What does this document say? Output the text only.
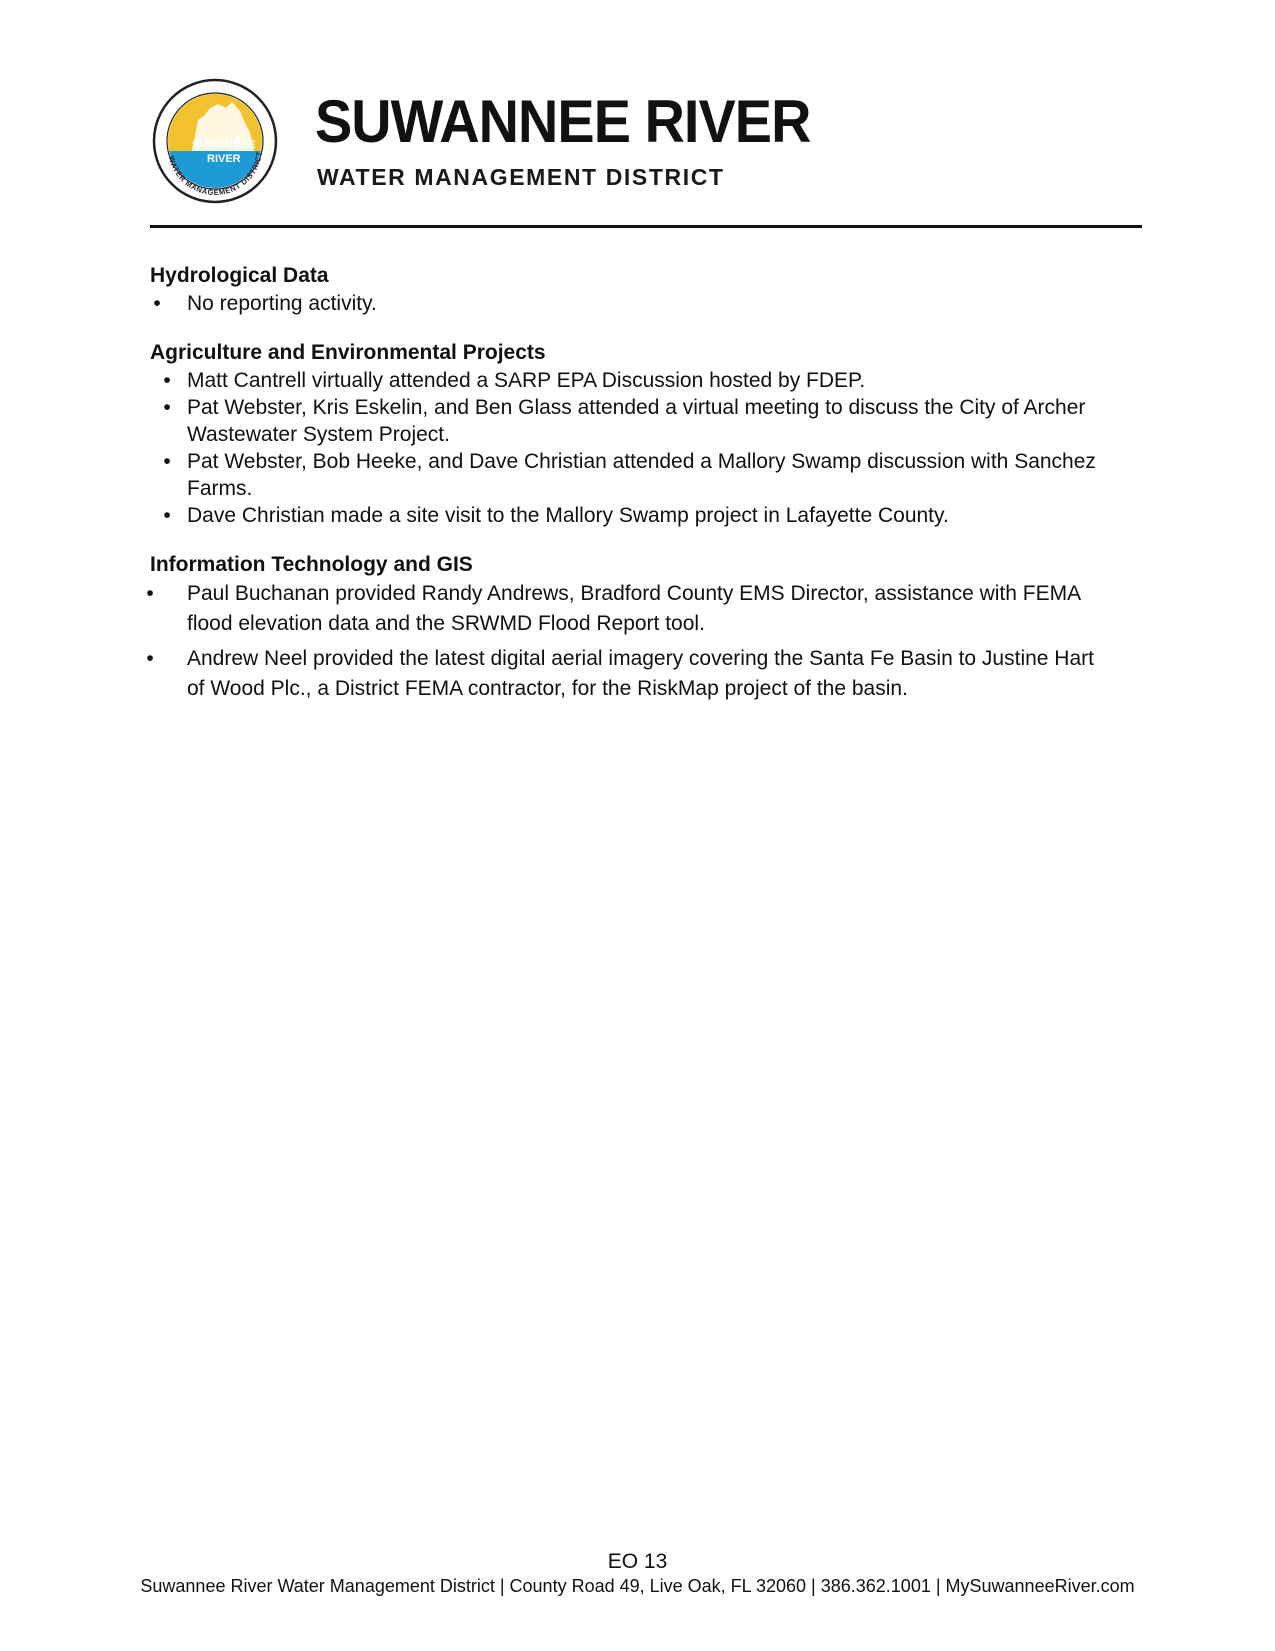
SUWANNEE
RIVER
WATER MANAGEMENT DISTRICT SUWANNEE RIVER
WATER MANAGEMENT DISTRICT

Hydrological Data

• No reporting activity.

Agriculture and Environmental Projects

• Matt Cantrell virtually attended a SARP EPA Discussion hosted by FDEP.
• Pat Webster, Kris Eskelin, and Ben Glass attended a virtual meeting to discuss the City of Archer Wastewater System Project.
• Pat Webster, Bob Heeke, and Dave Christian attended a Mallory Swamp discussion with Sanchez Farms.
• Dave Christian made a site visit to the Mallory Swamp project in Lafayette County.

Information Technology and GIS

• Paul Buchanan provided Randy Andrews, Bradford County EMS Director, assistance with FEMA flood elevation data and the SRWMD Flood Report tool.
• Andrew Neel provided the latest digital aerial imagery covering the Santa Fe Basin to Justine Hart of Wood Plc., a District FEMA contractor, for the RiskMap project of the basin.
EO 13
Suwannee River Water Management District | County Road 49, Live Oak, FL 32060 | 386.362.1001 | MySuwanneeRiver.com
